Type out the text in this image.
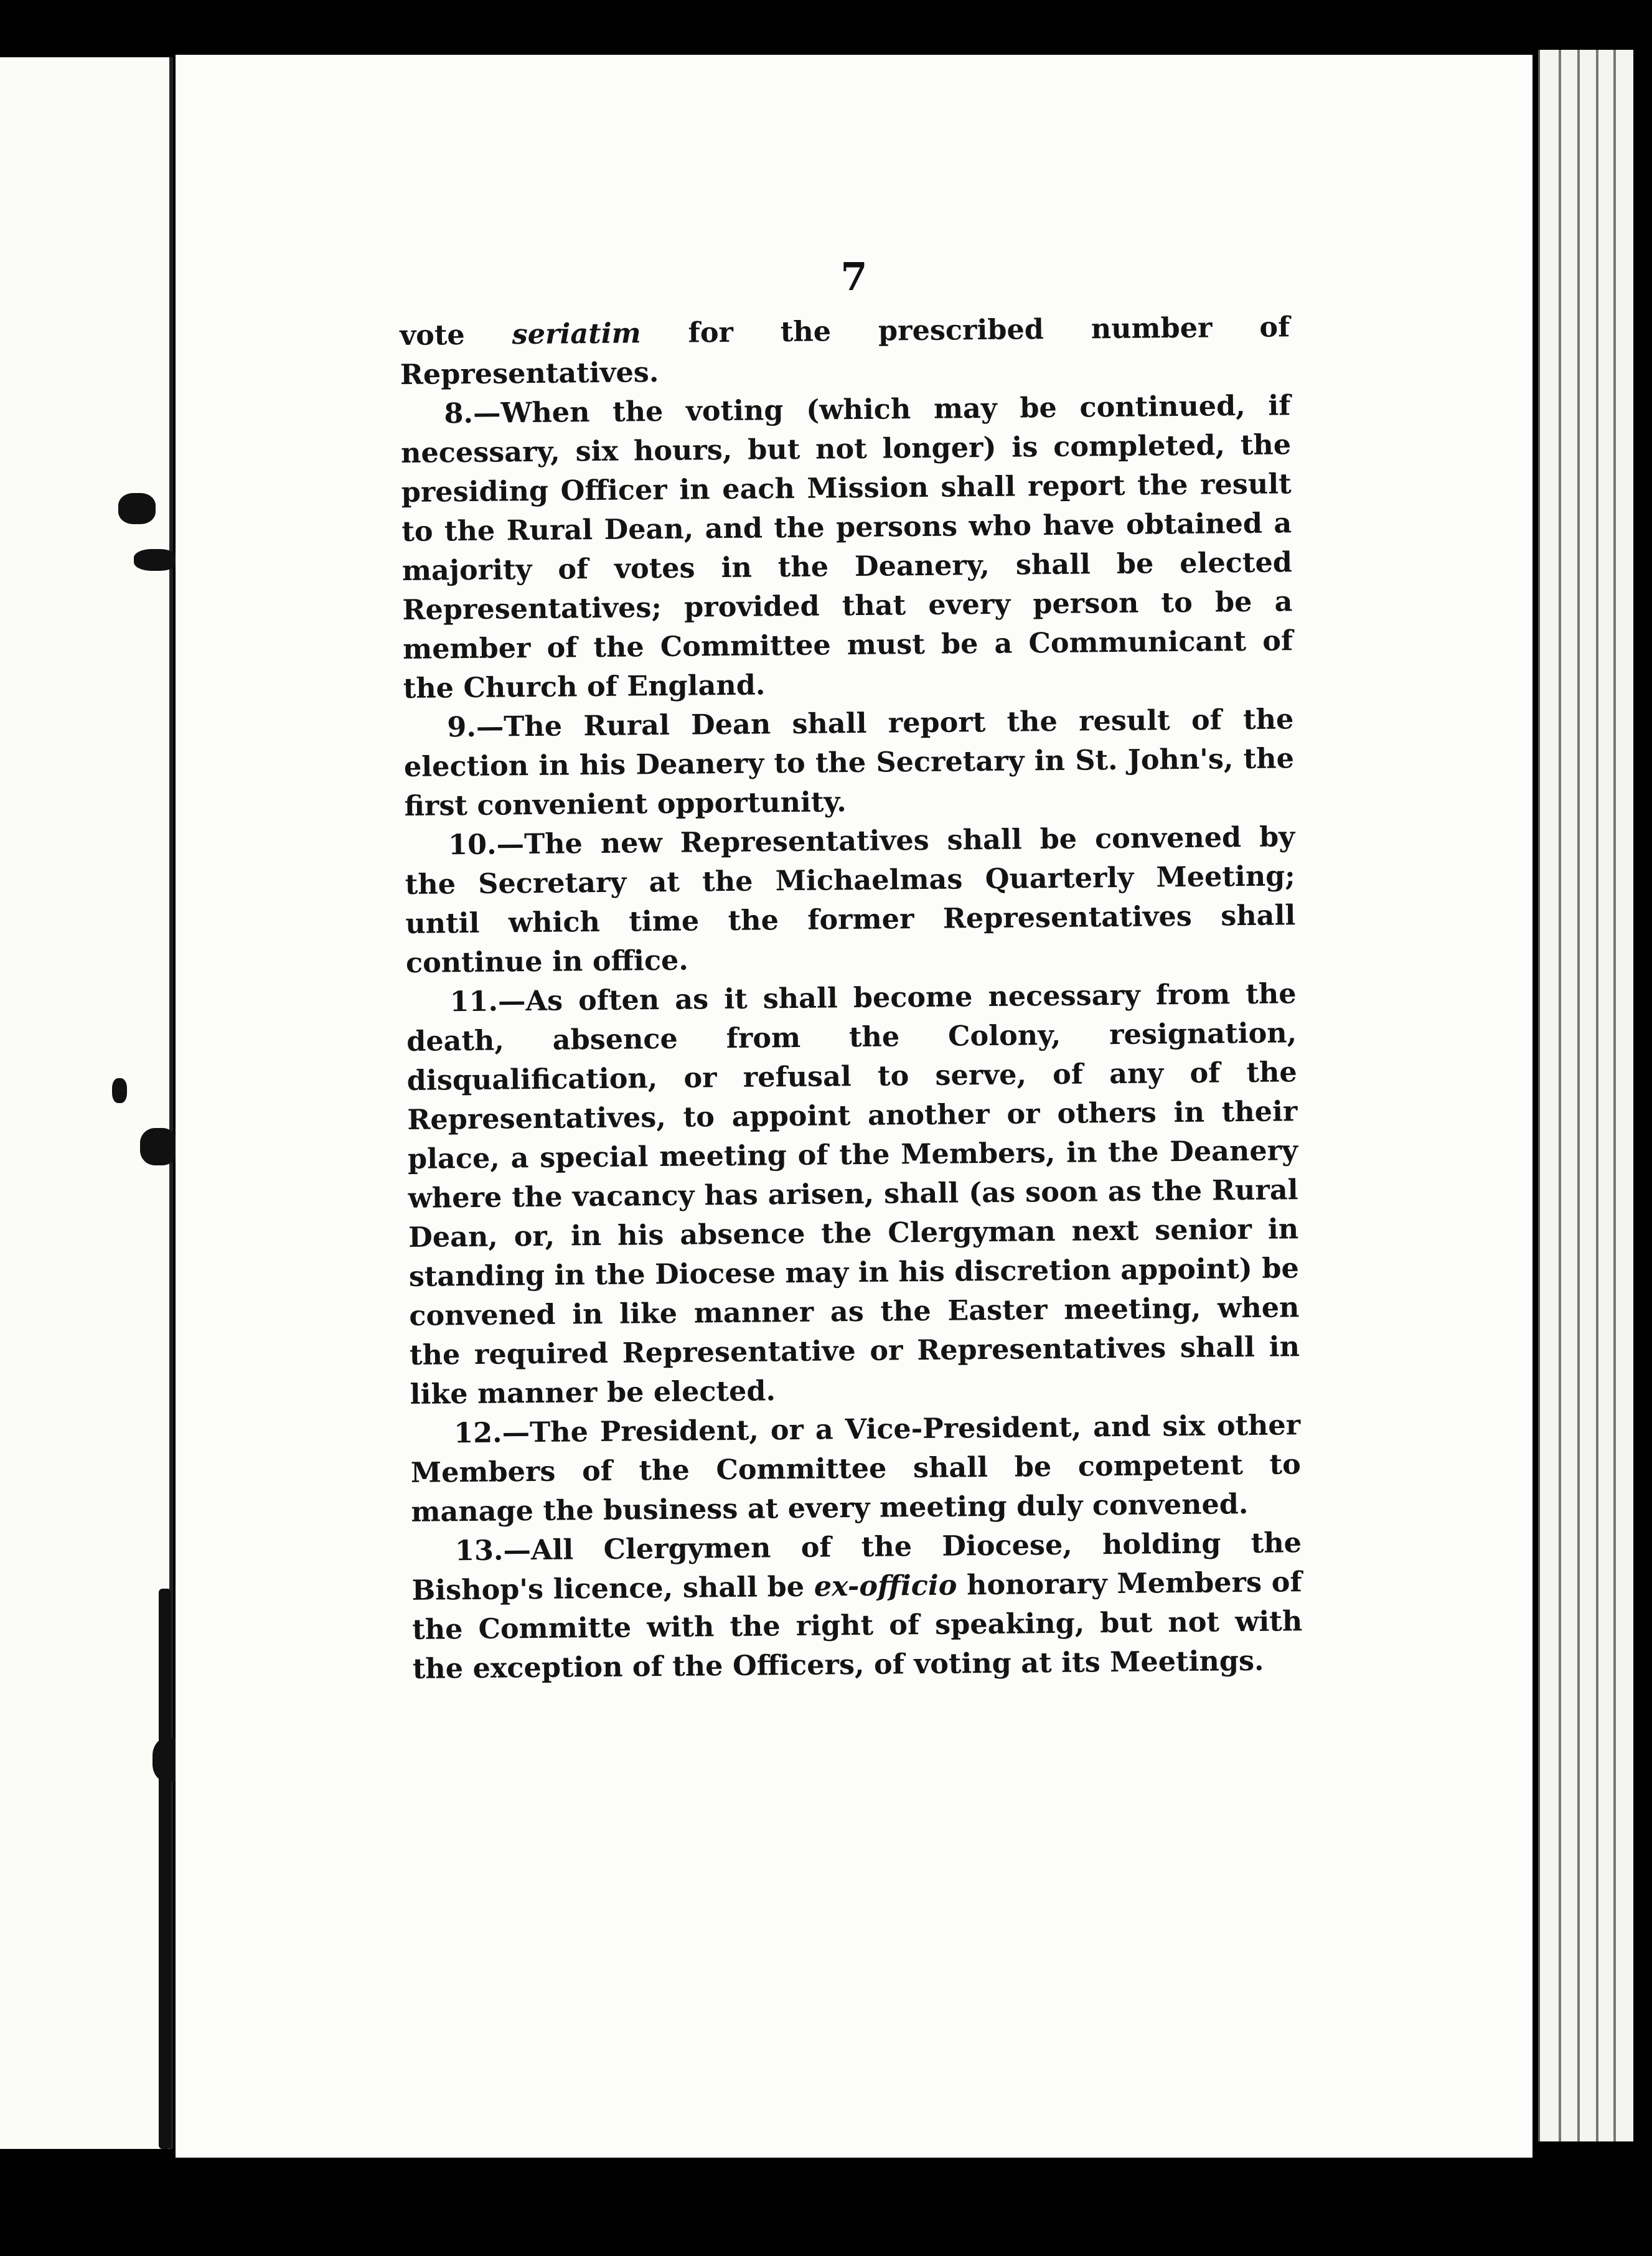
7

vote seriatim for the prescribed number of Representatives.

8.—When the voting (which may be continued, if necessary, six hours, but not longer) is completed, the presiding Officer in each Mission shall report the result to the Rural Dean, and the persons who have obtained a majority of votes in the Deanery, shall be elected Representatives; provided that every person to be a member of the Committee must be a Communicant of the Church of England.

9.—The Rural Dean shall report the result of the election in his Deanery to the Secretary in St. John's, the first convenient opportunity.

10.—The new Representatives shall be convened by the Secretary at the Michaelmas Quarterly Meeting; until which time the former Representatives shall continue in office.

11.—As often as it shall become necessary from the death, absence from the Colony, resignation, disqualification, or refusal to serve, of any of the Representatives, to appoint another or others in their place, a special meeting of the Members, in the Deanery where the vacancy has arisen, shall (as soon as the Rural Dean, or, in his absence the Clergyman next senior in standing in the Diocese may in his discretion appoint) be convened in like manner as the Easter meeting, when the required Representative or Representatives shall in like manner be elected.

12.—The President, or a Vice-President, and six other Members of the Committee shall be competent to manage the business at every meeting duly convened.

13.—All Clergymen of the Diocese, holding the Bishop's licence, shall be ex-officio honorary Members of the Committe with the right of speaking, but not with the exception of the Officers, of voting at its Meetings.
